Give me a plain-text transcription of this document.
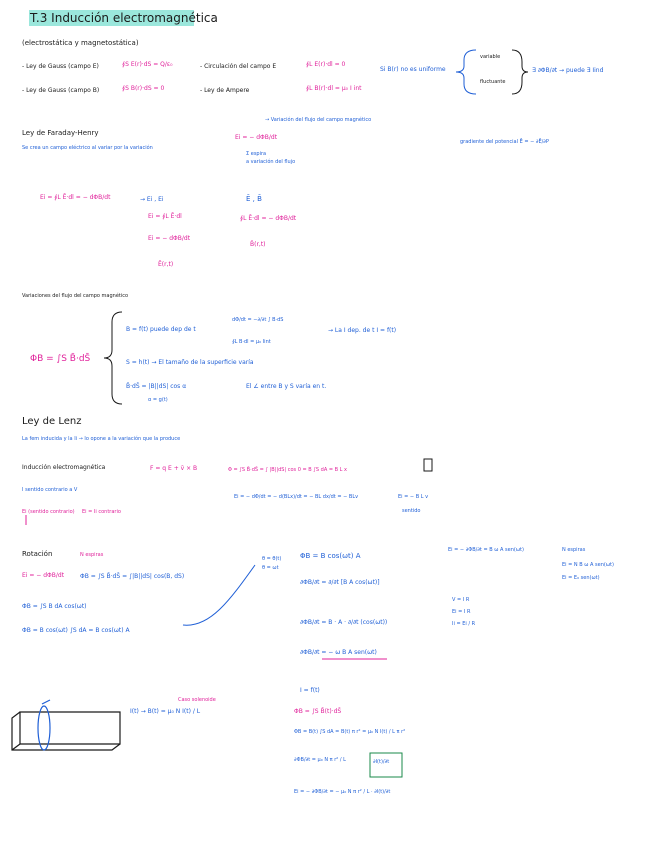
T.3 Inducción electromagnética
(electrostática y magnetostática)
- Ley de Gauss (campo E)	∮S E(r)·dS = Q/ε₀	- Circulación del campo E	∮L E(r)·dl = 0
- Ley de Gauss (campo B)	∮S B(r)·dS = 0	- Ley de Ampere	∮L B(r)·dl = μ₀ I int
Si B(r) no es uniforme
variable
fluctuante
∃ ∂ΦB/∂t → puede ∃ Iind
Ley de Faraday-Henry
Se crea un campo eléctrico al variar por la variación
→ Variación del flujo del campo magnético
Ei = − dΦB/dt
Σ espira
a variación del flujo
gradiente del potencial Ē = − ∂Ē/∂P
Ei = ∮L Ē·dl = − dΦB/dt	→ Ei , Ei
Ei = ∮L Ē·dl
Ei = − dΦB/dt
Ē(r,t)
Ē , B̄
∮L Ē·dl = − dΦB/dt
B̄(r,t)
Variaciones del flujo del campo magnético
ΦB = ∫S B̄·dS̄
B = f(t) puede dep de t
dΦ/dt = −∂/∂t ∫ B·dS
∮L B·dl = μ₀ Iint
→ La I dep. de t I = f(t)
S = h(t) → El tamaño de la superficie varía
B̄·dS̄ = |B||dS| cos α	El ∠ entre B y S varía en t.
α = g(t)
Ley de Lenz
La fem inducida y la Ii → lo opone a la variación que la produce
Inducción electromagnética	F = q E + v̄ × B
I sentido contrario a V
Ei (sentido contrario) Ei = Ii contrario
Φ = ∫S B̄·dS̄ = ∫ |B||dS| cos 0 = B ∫S dA = B L x
Ei = − dΦ/dt = − d(BLx)/dt = − BL dx/dt = − BLv	Ei = − B L v
sentido
Rotación	N espiras
Ei = − dΦB/dt	ΦB = ∫S B̄·dS̄ = ∫|B||dS| cos(B, dS)
ΦB = ∫S B dA cos(ωt)
ΦB = B cos(ωt) ∫S dA = B cos(ωt) A
θ = θ(t)
θ = ωt
ΦB = B cos(ωt) A
∂ΦB/∂t = ∂/∂t [B A cos(ωt)]
∂ΦB/∂t = B · A · ∂/∂t (cos(ωt))
∂ΦB/∂t = − ω B A sen(ωt)
Ei = − ∂ΦB/∂t = B ω A sen(ωt)	N espiras
Ei = N B ω A sen(ωt)
Ei = E₀ sen(ωt)
V = I R
Ei = I R
Ii = Ei / R
Caso solenoide
I(t) → B(t) = μ₀ N I(t) / L
I = f(t)
ΦB = ∫S B̄(t)·dS̄
ΦB = B(t) ∫S dA = B(t) π r² = μ₀ N I(t) / L π r²
∂ΦB/∂t = μ₀ N π r² / L	∂I(t)/∂t
Ei = − ∂ΦB/∂t = − μ₀ N π r² / L · ∂I(t)/∂t
